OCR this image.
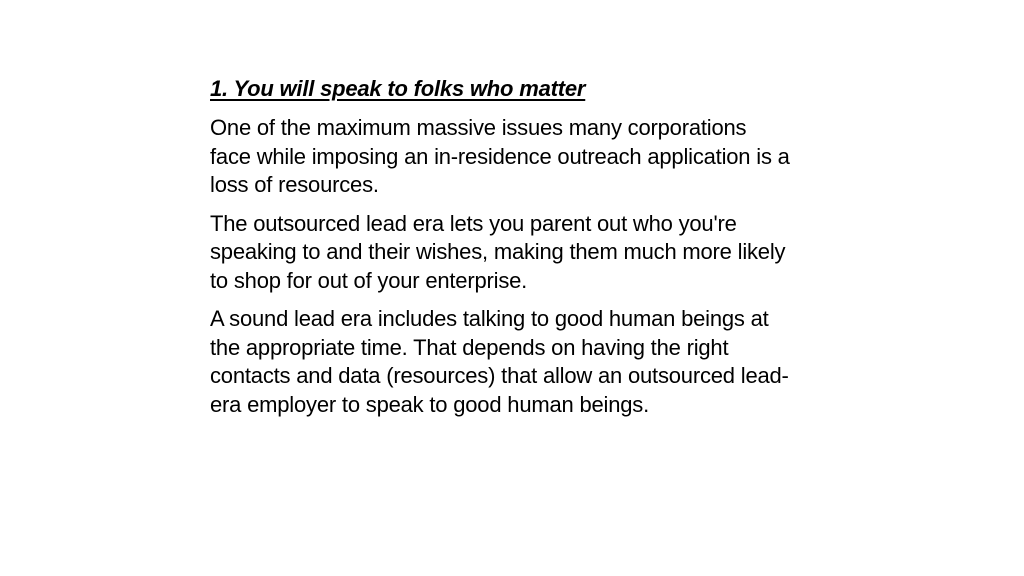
1. You will speak to folks who matter

One of the maximum massive issues many corporations face while imposing an in-residence outreach application is a loss of resources.

The outsourced lead era lets you parent out who you're speaking to and their wishes, making them much more likely to shop for out of your enterprise.

A sound lead era includes talking to good human beings at the appropriate time. That depends on having the right contacts and data (resources) that allow an outsourced lead-era employer to speak to good human beings.
